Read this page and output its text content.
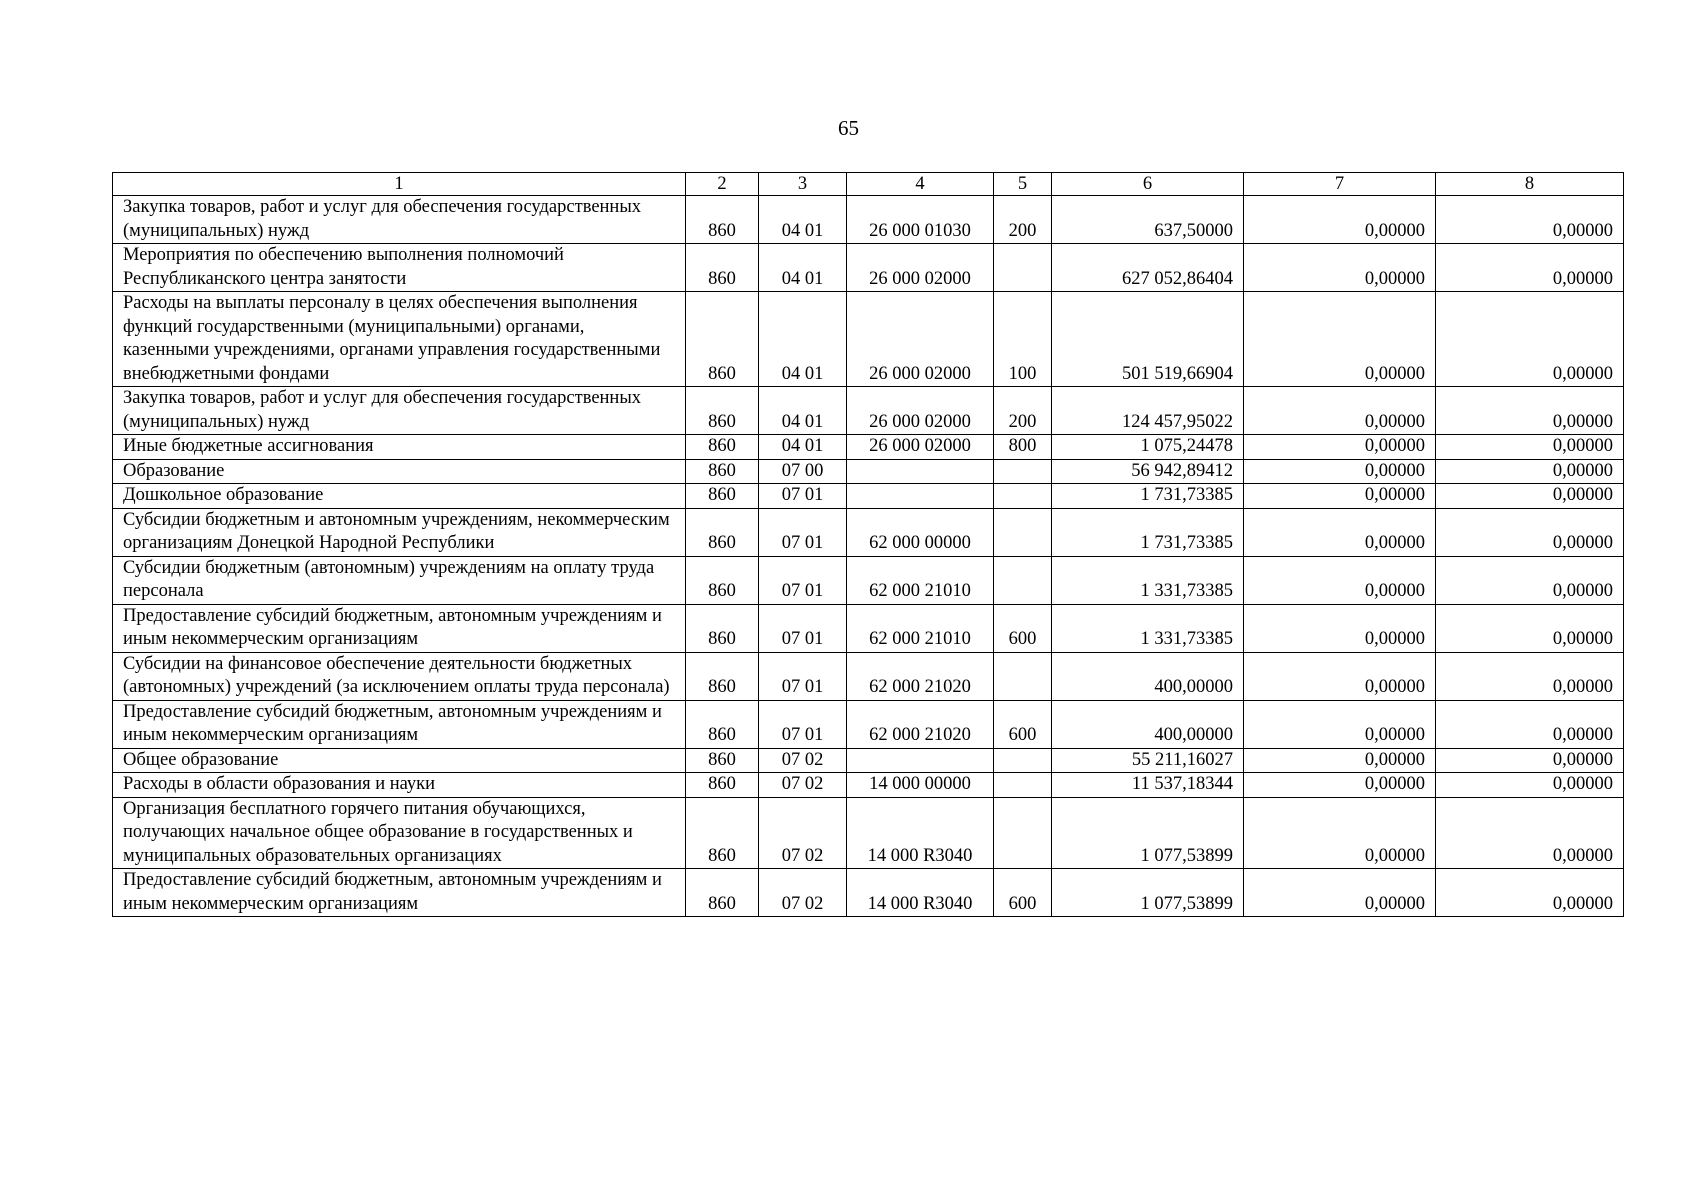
65
1	2	3	4	5	6	7	8
Закупка товаров, работ и услуг для обеспечения государственных (муниципальных) нужд	860	04 01	26 000 01030	200	637,50000	0,00000	0,00000
Мероприятия по обеспечению выполнения полномочий Республиканского центра занятости	860	04 01	26 000 02000		627 052,86404	0,00000	0,00000
Расходы на выплаты персоналу в целях обеспечения выполнения функций государственными (муниципальными) органами, казенными учреждениями, органами управления государственными внебюджетными фондами	860	04 01	26 000 02000	100	501 519,66904	0,00000	0,00000
Закупка товаров, работ и услуг для обеспечения государственных (муниципальных) нужд	860	04 01	26 000 02000	200	124 457,95022	0,00000	0,00000
Иные бюджетные ассигнования	860	04 01	26 000 02000	800	1 075,24478	0,00000	0,00000
Образование	860	07 00			56 942,89412	0,00000	0,00000
Дошкольное образование	860	07 01			1 731,73385	0,00000	0,00000
Субсидии бюджетным и автономным учреждениям, некоммерческим организациям Донецкой Народной Республики	860	07 01	62 000 00000		1 731,73385	0,00000	0,00000
Субсидии бюджетным (автономным) учреждениям на оплату труда персонала	860	07 01	62 000 21010		1 331,73385	0,00000	0,00000
Предоставление субсидий бюджетным, автономным учреждениям и иным некоммерческим организациям	860	07 01	62 000 21010	600	1 331,73385	0,00000	0,00000
Субсидии на финансовое обеспечение деятельности бюджетных (автономных) учреждений (за исключением оплаты труда персонала)	860	07 01	62 000 21020		400,00000	0,00000	0,00000
Предоставление субсидий бюджетным, автономным учреждениям и иным некоммерческим организациям	860	07 01	62 000 21020	600	400,00000	0,00000	0,00000
Общее образование	860	07 02			55 211,16027	0,00000	0,00000
Расходы в области образования и науки	860	07 02	14 000 00000		11 537,18344	0,00000	0,00000
Организация бесплатного горячего питания обучающихся, получающих начальное общее образование в государственных и муниципальных образовательных организациях	860	07 02	14 000 R3040		1 077,53899	0,00000	0,00000
Предоставление субсидий бюджетным, автономным учреждениям и иным некоммерческим организациям	860	07 02	14 000 R3040	600	1 077,53899	0,00000	0,00000
